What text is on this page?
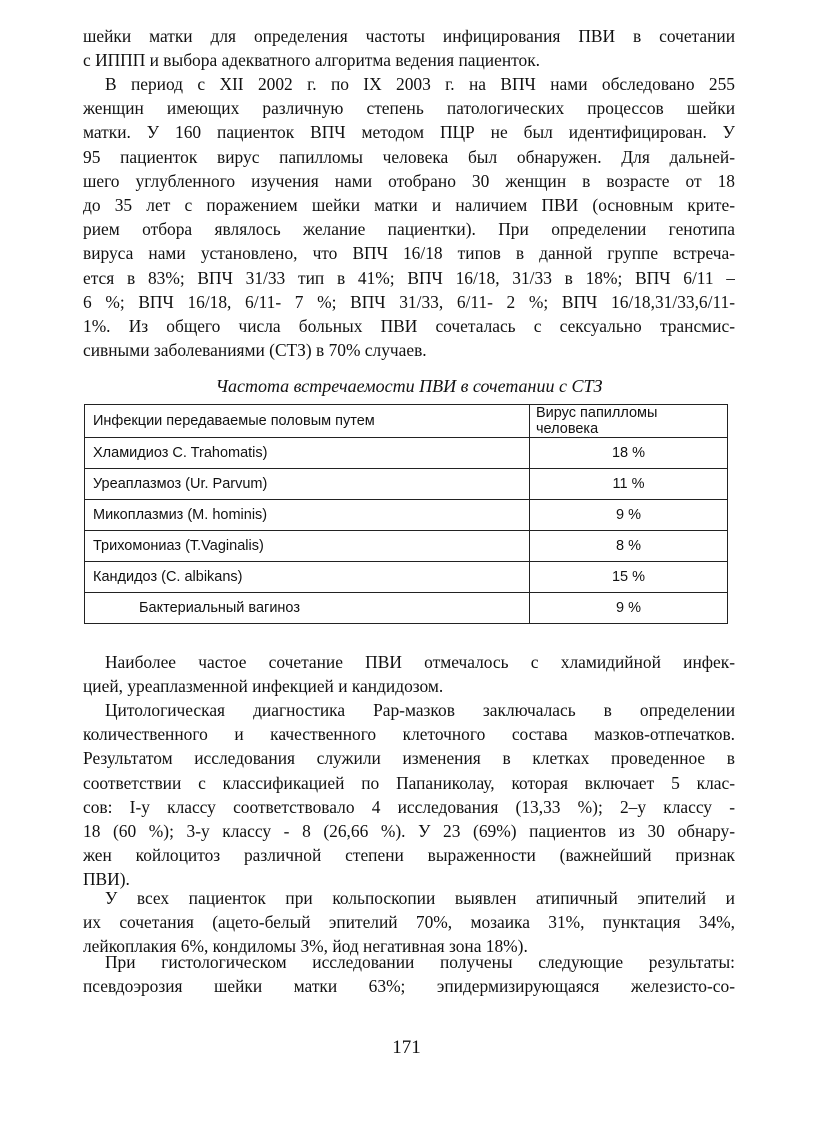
шейки матки для определения частоты инфицирования ПВИ в сочетании
с ИППП и выбора адекватного алгоритма ведения пациенток.
В период с XII 2002 г. по IX 2003 г. на ВПЧ нами обследовано 255
женщин имеющих различную степень патологических процессов шейки
матки. У 160 пациенток ВПЧ методом ПЦР не был идентифицирован. У
95 пациенток вирус папилломы человека был обнаружен. Для дальней-
шего углубленного изучения нами отобрано 30 женщин в возрасте от 18
до 35 лет с поражением шейки матки и наличием ПВИ (основным крите-
рием отбора являлось желание пациентки). При определении генотипа
вируса нами установлено, что ВПЧ 16/18 типов в данной группе встреча-
ется в 83%; ВПЧ 31/33 тип в 41%; ВПЧ 16/18, 31/33 в 18%; ВПЧ 6/11 –
6 %; ВПЧ 16/18, 6/11- 7 %; ВПЧ 31/33, 6/11- 2 %; ВПЧ 16/18,31/33,6/11-
1%. Из общего числа больных ПВИ сочеталась с сексуально трансмис-
сивными заболеваниями (СТЗ) в 70% случаев.

Частота встречаемости ПВИ в сочетании с СТЗ

Инфекции передаваемые половым путем	Вирус папилломы человека
Хламидиоз C. Trahomatis)	18 %
Уреаплазмоз (Ur. Parvum)	11 %
Микоплазмиз (M. hominis)	9 %
Трихомониаз (T.Vaginalis)	8 %
Кандидоз (C. albikans)	15 %
Бактериальный вагиноз	9 %
Наиболее частое сочетание ПВИ отмечалось с хламидийной инфек-
цией, уреаплазменной инфекцией и кандидозом.
Цитологическая диагностика Pap-мазков заключалась в определении
количественного и качественного клеточного состава мазков-отпечатков.
Результатом исследования служили изменения в клетках проведенное в
соответствии с классификацией по Папаниколау, которая включает 5 клас-
сов: I-у классу соответствовало 4 исследования (13,33 %); 2–у классу -
18 (60 %); 3-у классу - 8 (26,66 %). У 23 (69%) пациентов из 30 обнару-
жен койлоцитоз различной степени выраженности (важнейший признак
ПВИ).
У всех пациенток при кольпоскопии выявлен атипичный эпителий и
их сочетания (ацето-белый эпителий 70%, мозаика 31%, пунктация 34%,
лейкоплакия 6%, кондиломы 3%, йод негативная зона 18%).
При гистологическом исследовании получены следующие результаты:
псевдоэрозия шейки матки 63%; эпидермизирующаяся железисто-со-
171
